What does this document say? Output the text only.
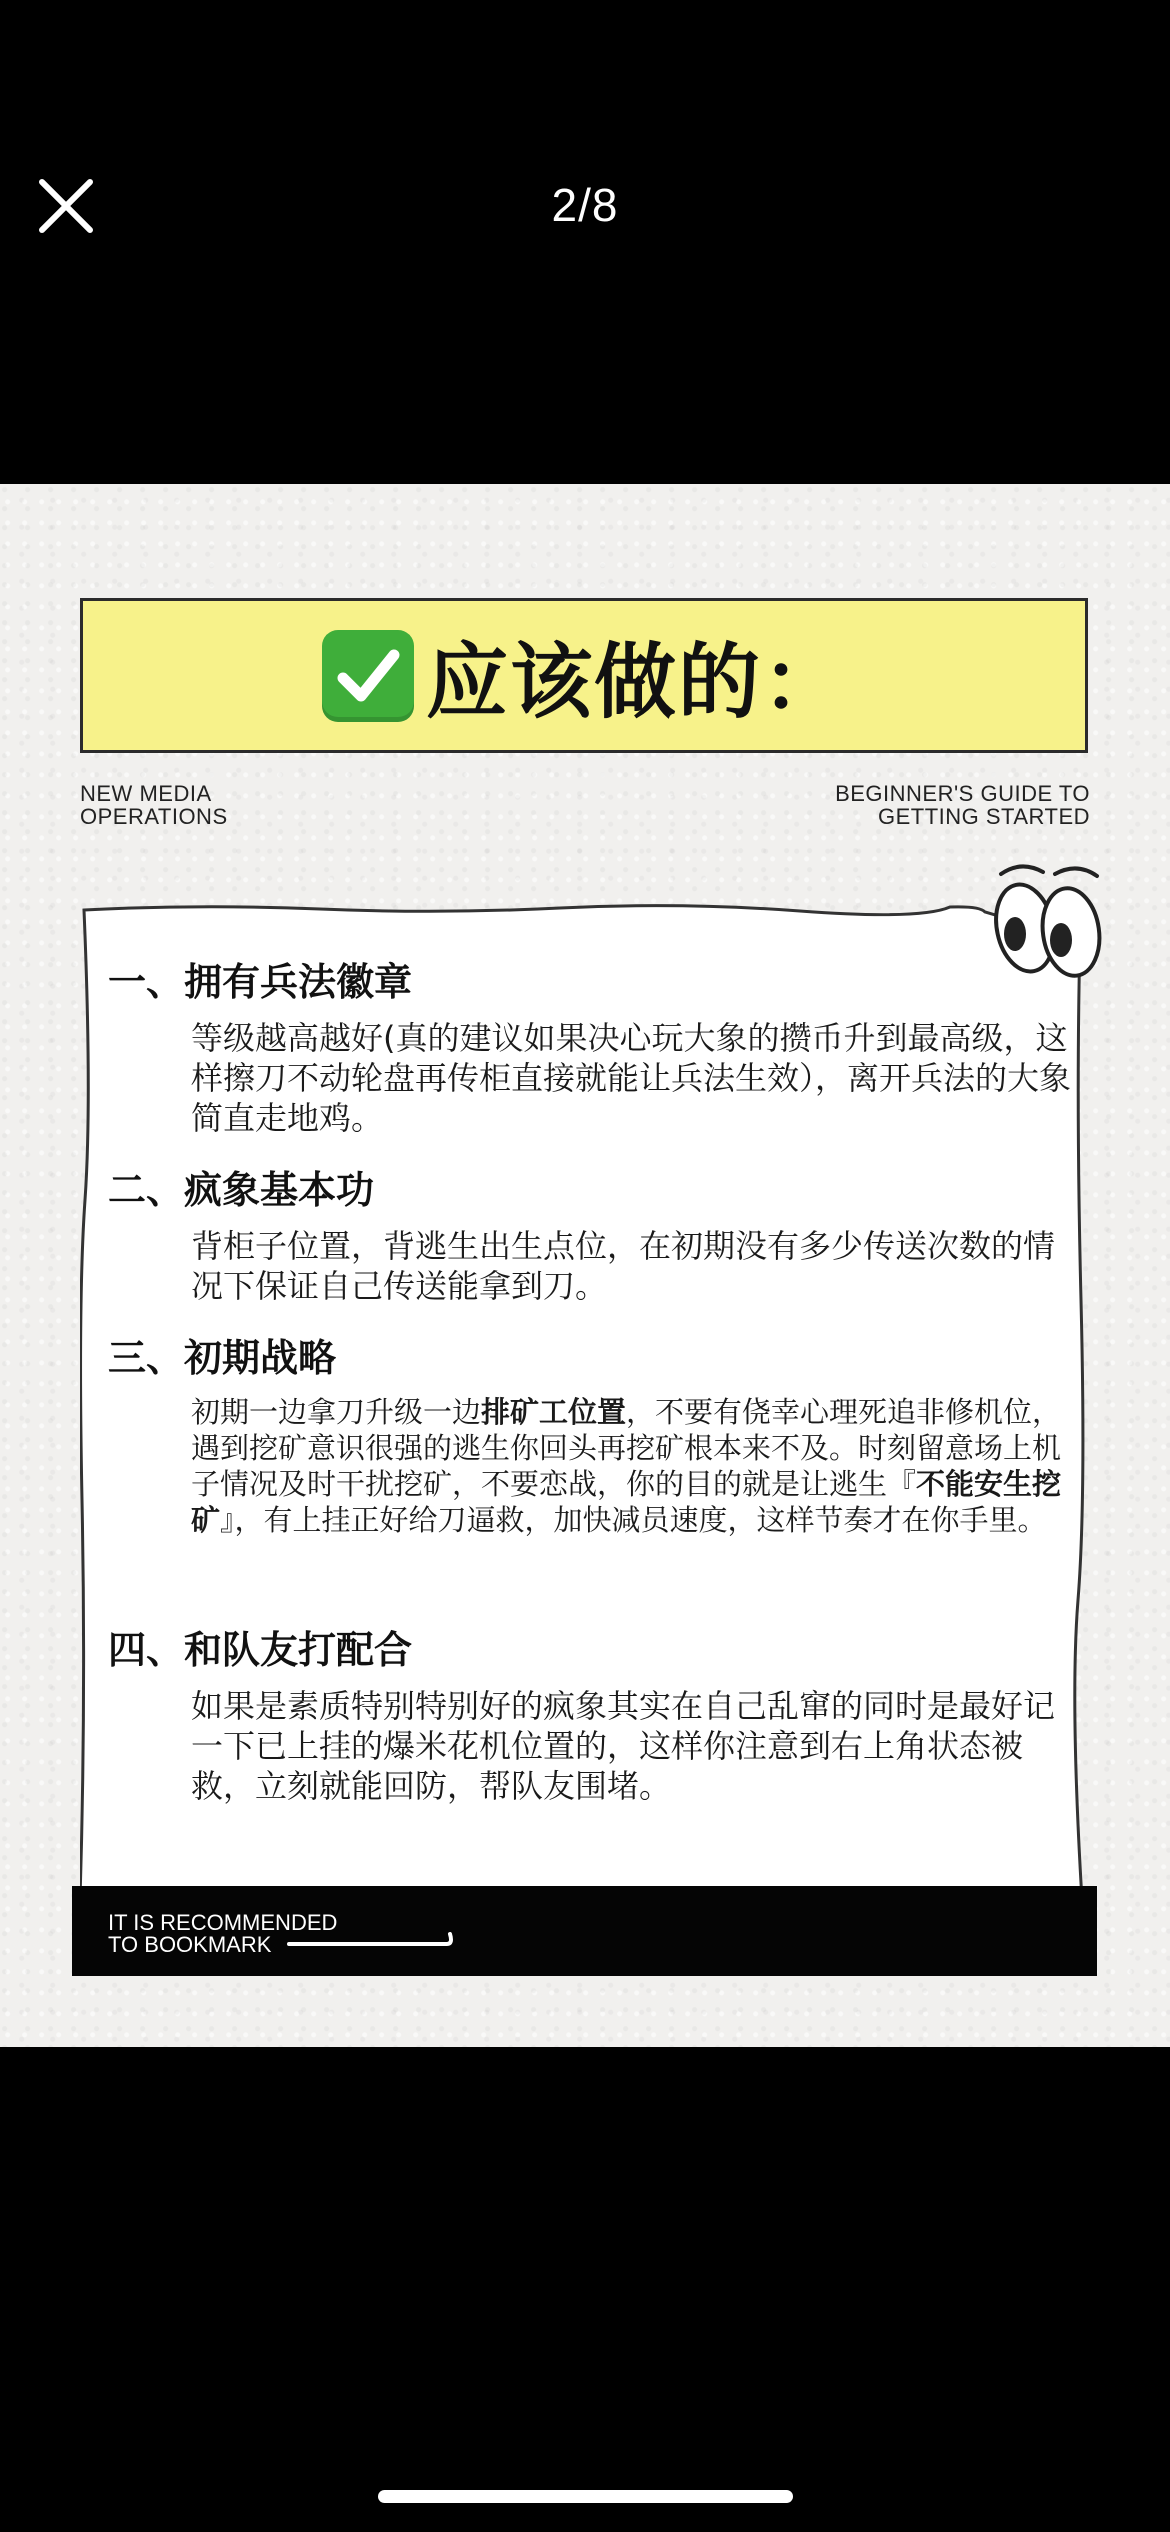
2/8
应该做的：
NEW MEDIA
OPERATIONS
BEGINNER'S GUIDE TO
GETTING STARTED
一、拥有兵法徽章
等级越高越好(真的建议如果决心玩大象的攒币升到最高级，这样擦刀不动轮盘再传柜直接就能让兵法生效），离开兵法的大象简直走地鸡。
二、疯象基本功
背柜子位置，背逃生出生点位，在初期没有多少传送次数的情况下保证自己传送能拿到刀。
三、初期战略
初期一边拿刀升级一边排矿工位置，不要有侥幸心理死追非修机位，遇到挖矿意识很强的逃生你回头再挖矿根本来不及。时刻留意场上机子情况及时干扰挖矿，不要恋战，你的目的就是让逃生『不能安生挖矿』，有上挂正好给刀逼救，加快减员速度，这样节奏才在你手里。
四、和队友打配合
如果是素质特别特别好的疯象其实在自己乱窜的同时是最好记一下已上挂的爆米花机位置的，这样你注意到右上角状态被救，立刻就能回防，帮队友围堵。
IT IS RECOMMENDED
TO BOOKMARK
